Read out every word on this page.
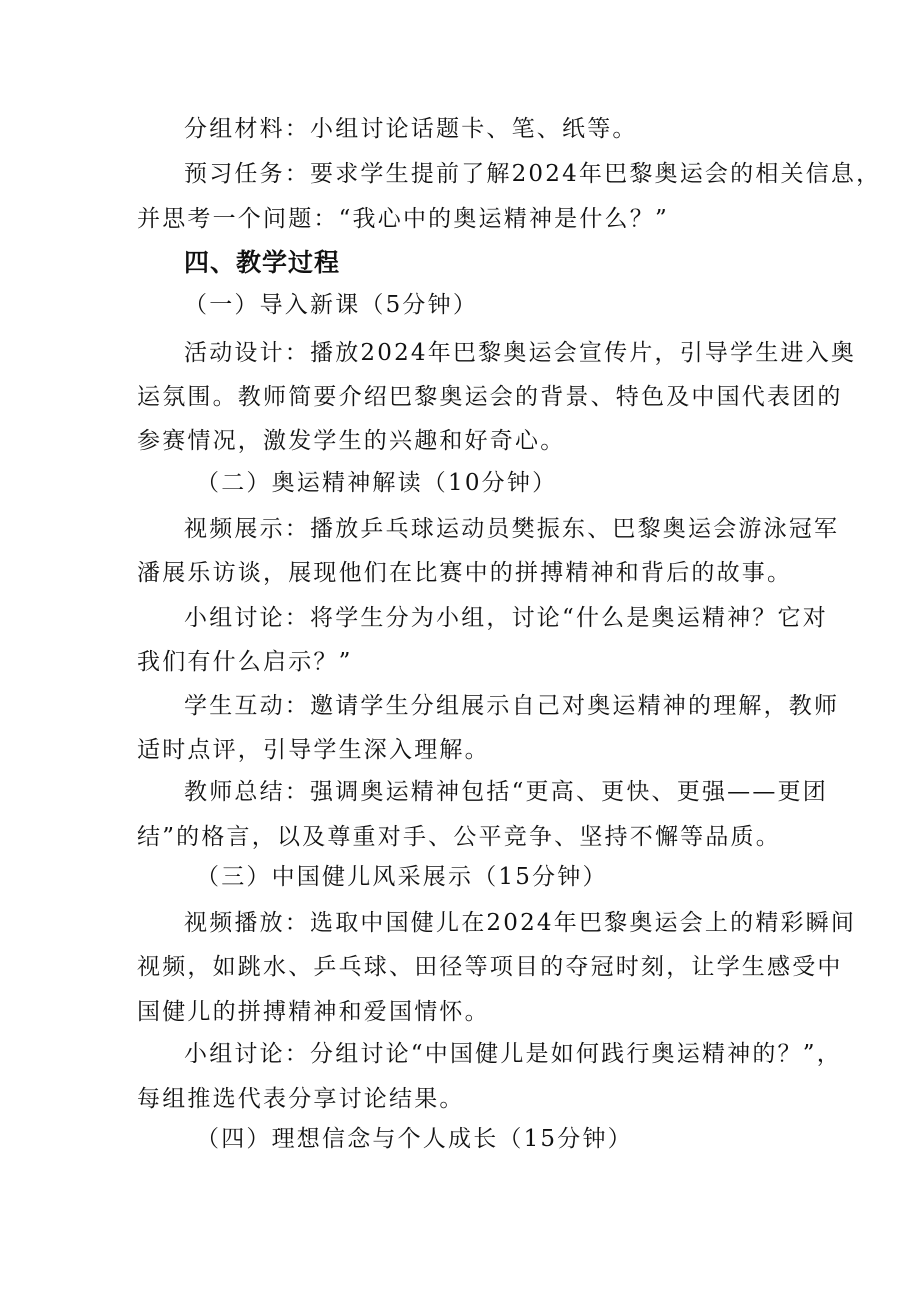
分组材料：小组讨论话题卡、笔、纸等。
预习任务：要求学生提前了解2024年巴黎奥运会的相关信息，
并思考一个问题：“我心中的奥运精神是什么？”
四、教学过程
（一）导入新课（5分钟）
活动设计：播放2024年巴黎奥运会宣传片，引导学生进入奥
运氛围。教师简要介绍巴黎奥运会的背景、特色及中国代表团的
参赛情况，激发学生的兴趣和好奇心。
（二）奥运精神解读（10分钟）
视频展示：播放乒乓球运动员樊振东、巴黎奥运会游泳冠军
潘展乐访谈，展现他们在比赛中的拼搏精神和背后的故事。
小组讨论：将学生分为小组，讨论“什么是奥运精神？它对
我们有什么启示？”
学生互动：邀请学生分组展示自己对奥运精神的理解，教师
适时点评，引导学生深入理解。
教师总结：强调奥运精神包括“更高、更快、更强——更团
结”的格言，以及尊重对手、公平竞争、坚持不懈等品质。
（三）中国健儿风采展示（15分钟）
视频播放：选取中国健儿在2024年巴黎奥运会上的精彩瞬间
视频，如跳水、乒乓球、田径等项目的夺冠时刻，让学生感受中
国健儿的拼搏精神和爱国情怀。
小组讨论：分组讨论“中国健儿是如何践行奥运精神的？”，
每组推选代表分享讨论结果。
（四）理想信念与个人成长（15分钟）
